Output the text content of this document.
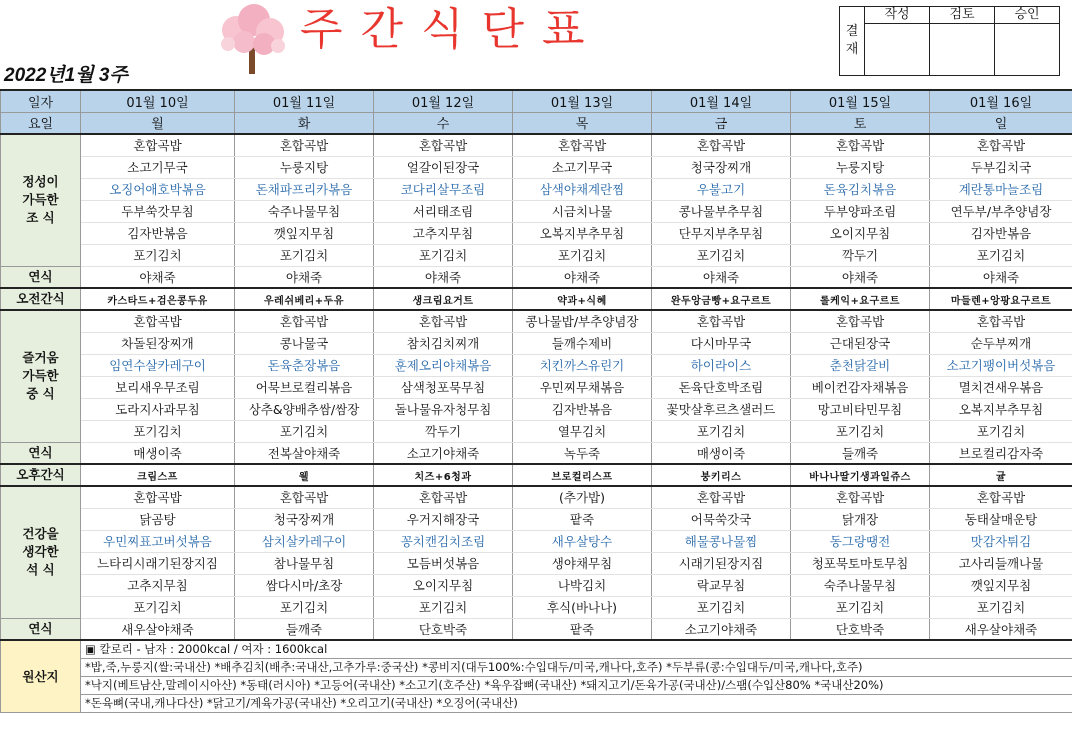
주간식단표
2022년1월 3주
결재	작성	검토	승인

일자	01월 10일	01월 11일	01월 12일	01월 13일	01월 14일	01월 15일	01월 16일
요일	월	화	수	목	금	토	일
정성이 가득한 조 식	혼합곡밥	혼합곡밥	혼합곡밥	혼합곡밥	혼합곡밥	혼합곡밥	혼합곡밥
	소고기무국	누룽지탕	얼갈이된장국	소고기무국	청국장찌개	누룽지탕	두부김치국
	오징어애호박볶음	돈채파프리카볶음	코다리살무조림	삼색야채계란찜	우불고기	돈육김치볶음	계란통마늘조림
	두부쑥갓무침	숙주나물무침	서리태조림	시금치나물	콩나물부추무침	두부양파조림	연두부/부추양념장
	김자반볶음	깻잎지무침	고추지무침	오복지부추무침	단무지부추무침	오이지무침	김자반볶음
	포기김치	포기김치	포기김치	포기김치	포기김치	깍두기	포기김치
연식	야채죽	야채죽	야채죽	야채죽	야채죽	야채죽	야채죽
오전간식	카스타드+검은콩두유	우레쉬베리+두유	생크림요거트	약과+식혜	완두앙금빵+요구르트	롤케익+요구르트	마들렌+앙팡요구르트
즐거움 가득한 중 식	혼합곡밥	혼합곡밥	혼합곡밥	콩나물밥/부추양념장	혼합곡밥	혼합곡밥	혼합곡밥
	차돌된장찌개	콩나물국	참치김치찌개	들깨수제비	다시마무국	근대된장국	순두부찌개
	임연수살카레구이	돈육춘장볶음	훈제오리야채볶음	치킨까스유린기	하이라이스	춘천닭갈비	소고기팽이버섯볶음
	보리새우무조림	어묵브로컬리볶음	삼색청포묵무침	우민찌무채볶음	돈육단호박조림	베이컨감자채볶음	멸치견새우볶음
	도라지사과무침	상추&양배추쌈/쌈장	돌나물유자청무침	김자반볶음	꽃맛살후르츠샐러드	망고비타민무침	오복지부추무침
	포기김치	포기김치	깍두기	열무김치	포기김치	포기김치	포기김치
연식	매생이죽	전복살야채죽	소고기야채죽	녹두죽	매생이죽	들깨죽	브로컬리감자죽
오후간식	크림스프	웰	치즈+6청과	브로컬리스프	붕키리스	바나나딸기생과일쥬스	귤
건강을 생각한 석 식	혼합곡밥	혼합곡밥	혼합곡밥	(추가밥)	혼합곡밥	혼합곡밥	혼합곡밥
	닭곰탕	청국장찌개	우거지해장국	팥죽	어묵쑥갓국	닭개장	동태살매운탕
	우민찌표고버섯볶음	삼치살카레구이	꽁치캔김치조림	새우살탕수	해물콩나물찜	동그랑땡전	맛감자튀김
	느타리시래기된장지짐	참나물무침	모듬버섯볶음	생야채무침	시래기된장지짐	청포묵토마토무침	고사리들깨나물
	고추지무침	쌈다시마/초장	오이지무침	나박김치	락교무침	숙주나물무침	깻잎지무침
	포기김치	포기김치	포기김치	후식(바나나)	포기김치	포기김치	포기김치
연식	새우살야채죽	들깨죽	단호박죽	팥죽	소고기야채죽	단호박죽	새우살야채죽
원산지	▣ 칼로리 - 남자 : 2000kcal / 여자 : 1600kcal						
	*밥,죽,누룽지(쌀:국내산) *배추김치(배추:국내산,고추가루:중국산) *콩비지(대두100%:수입대두/미국,캐나다,호주) *두부류(콩:수입대두/미국,캐나다,호주)						
	*낙지(베트남산,말레이시아산) *동태(러시아) *고등어(국내산) *소고기(호주산) *육우잡뼈(국내산) *돼지고기/돈육가공(국내산)/스팸(수입산80% *국내산20%)						
	*돈육뼈(국내,캐나다산) *닭고기/계육가공(국내산) *오리고기(국내산) *오징어(국내산)						
